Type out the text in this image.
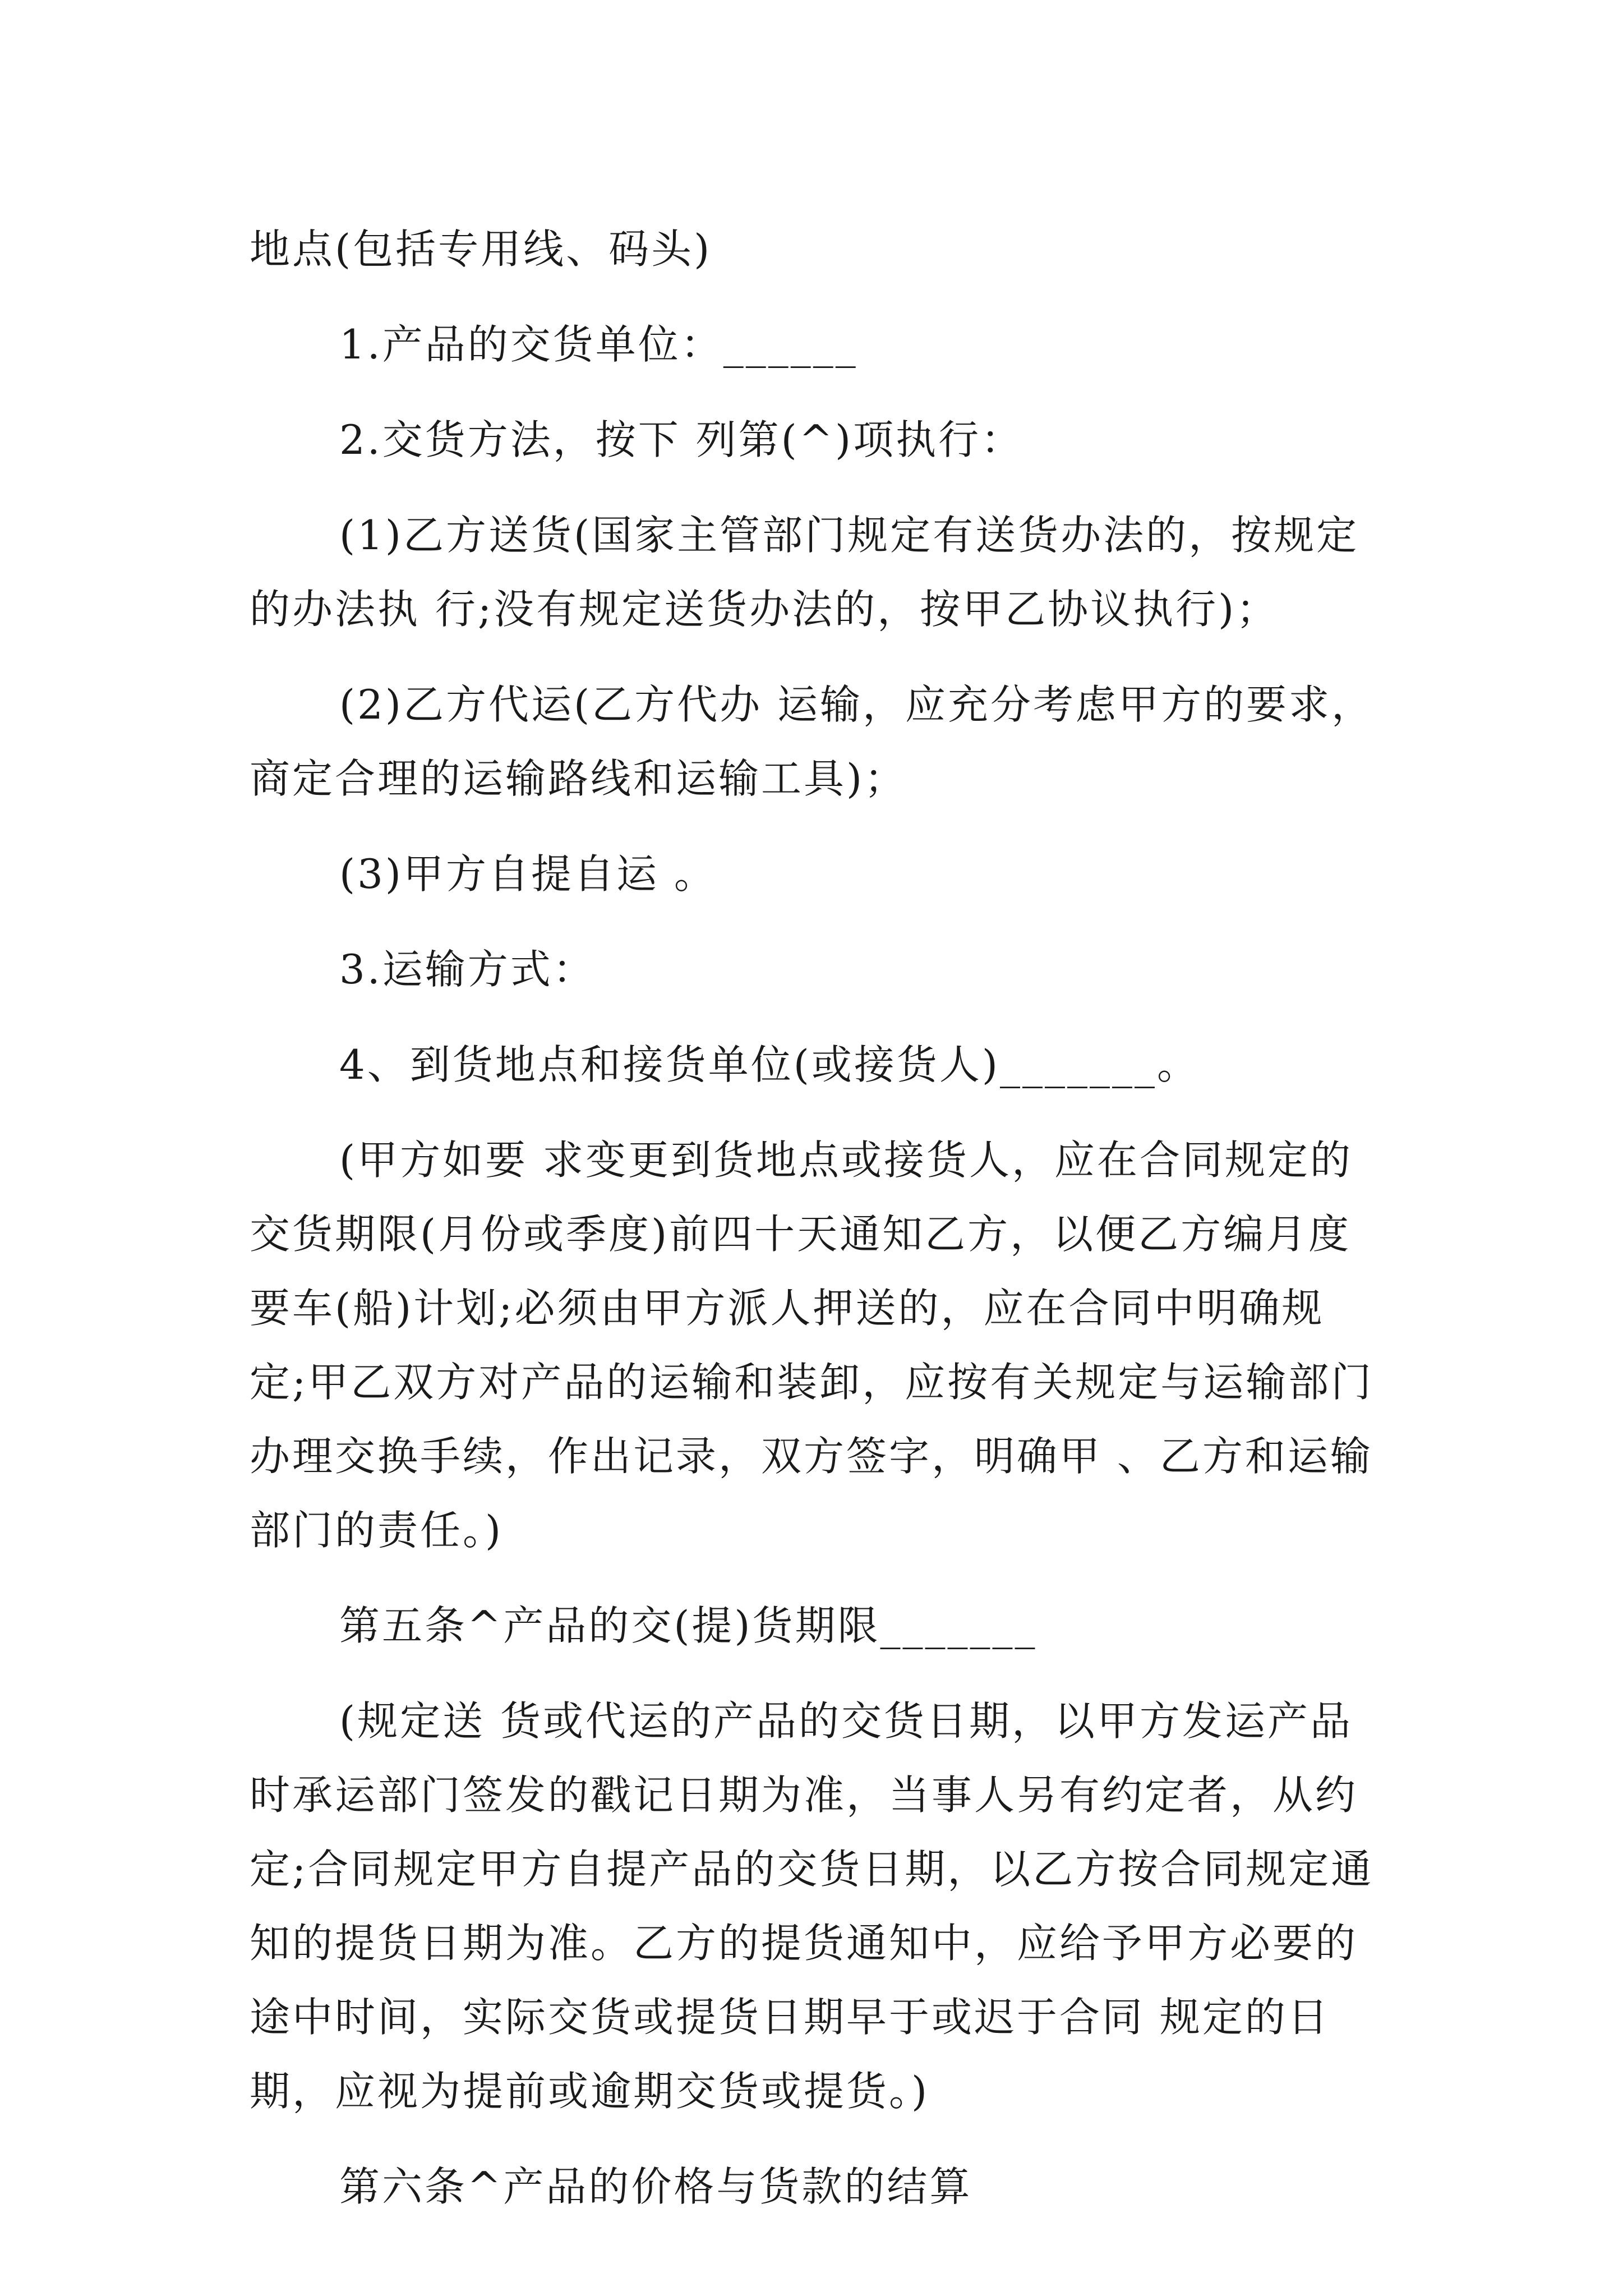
地点(包括专用线、码头)

1.产品的交货单位：______

2.交货方法，按下 列第(^)项执行：

(1)乙方送货(国家主管部门规定有送货办法的，按规定的办法执 行;没有规定送货办法的，按甲乙协议执行)；

(2)乙方代运(乙方代办 运输，应充分考虑甲方的要求，商定合理的运输路线和运输工具)；

(3)甲方自提自运 。

3.运输方式：

4、到货地点和接货单位(或接货人)_______。

(甲方如要 求变更到货地点或接货人，应在合同规定的交货期限(月份或季度)前四十天通知乙方，以便乙方编月度要车(船)计划;必须由甲方派人押送的，应在合同中明确规定;甲乙双方对产品的运输和装卸，应按有关规定与运输部门办理交换手续，作出记录，双方签字，明确甲 、乙方和运输部门的责任。)

第五条^产品的交(提)货期限_______

(规定送 货或代运的产品的交货日期，以甲方发运产品时承运部门签发的戳记日期为准，当事人另有约定者，从约定;合同规定甲方自提产品的交货日期，以乙方按合同规定通知的提货日期为准。乙方的提货通知中，应给予甲方必要的途中时间，实际交货或提货日期早于或迟于合同 规定的日期，应视为提前或逾期交货或提货。)

第六条^产品的价格与货款的结算
